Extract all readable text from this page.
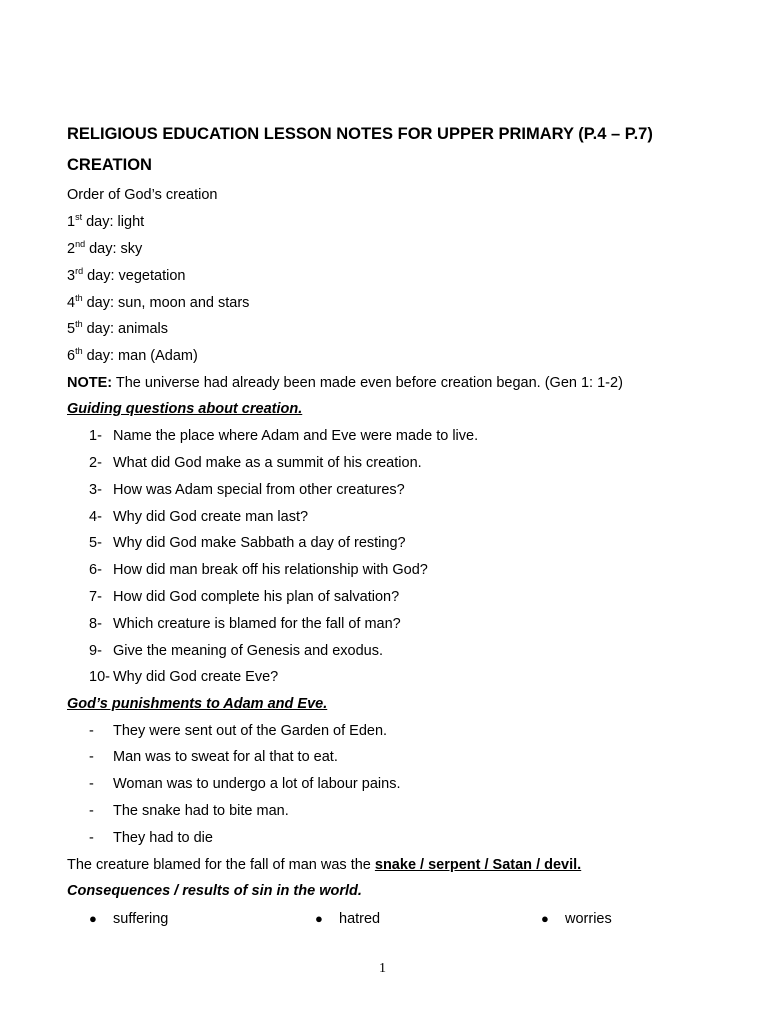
RELIGIOUS EDUCATION LESSON NOTES FOR UPPER PRIMARY (P.4 – P.7)
CREATION
Order of God’s creation
1st day: light
2nd day: sky
3rd day: vegetation
4th day: sun, moon and stars
5th day: animals
6th day: man (Adam)
NOTE: The universe had already been made even before creation began. (Gen 1: 1-2)
Guiding questions about creation.
1- Name the place where Adam and Eve were made to live.
2- What did God make as a summit of his creation.
3- How was Adam special from other creatures?
4- Why did God create man last?
5- Why did God make Sabbath a day of resting?
6- How did man break off his relationship with God?
7- How did God complete his plan of salvation?
8- Which creature is blamed for the fall of man?
9- Give the meaning of Genesis and exodus.
10- Why did God create Eve?
God’s punishments to Adam and Eve.
- They were sent out of the Garden of Eden.
- Man was to sweat for al that to eat.
- Woman was to undergo a lot of labour pains.
- The snake had to bite man.
- They had to die
The creature blamed for the fall of man was the snake / serpent / Satan / devil.
Consequences / results of sin in the world.
● suffering	● hatred	● worries
1
